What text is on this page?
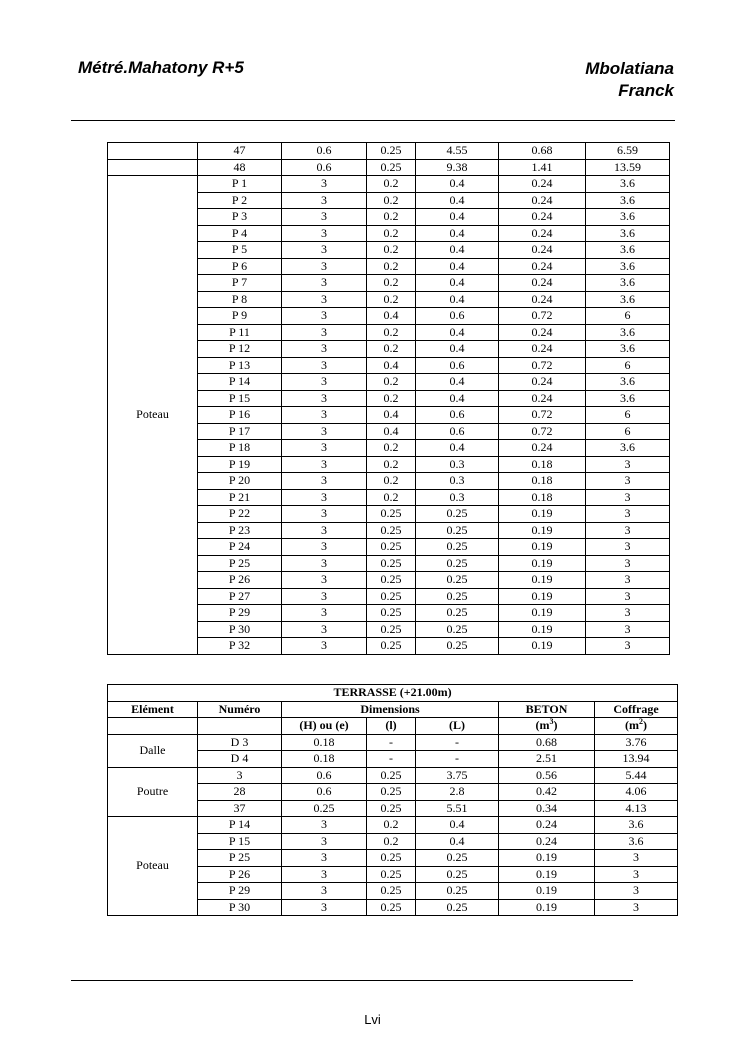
Métré.Mahatony R+5	Mbolatiana
Franck
	47	0.6	0.25	4.55	0.68	6.59
	48	0.6	0.25	9.38	1.41	13.59
Poteau	P 1	3	0.2	0.4	0.24	3.6
	P 2	3	0.2	0.4	0.24	3.6
	P 3	3	0.2	0.4	0.24	3.6
	P 4	3	0.2	0.4	0.24	3.6
	P 5	3	0.2	0.4	0.24	3.6
	P 6	3	0.2	0.4	0.24	3.6
	P 7	3	0.2	0.4	0.24	3.6
	P 8	3	0.2	0.4	0.24	3.6
	P 9	3	0.4	0.6	0.72	6
	P 11	3	0.2	0.4	0.24	3.6
	P 12	3	0.2	0.4	0.24	3.6
	P 13	3	0.4	0.6	0.72	6
	P 14	3	0.2	0.4	0.24	3.6
	P 15	3	0.2	0.4	0.24	3.6
	P 16	3	0.4	0.6	0.72	6
	P 17	3	0.4	0.6	0.72	6
	P 18	3	0.2	0.4	0.24	3.6
	P 19	3	0.2	0.3	0.18	3
	P 20	3	0.2	0.3	0.18	3
	P 21	3	0.2	0.3	0.18	3
	P 22	3	0.25	0.25	0.19	3
	P 23	3	0.25	0.25	0.19	3
	P 24	3	0.25	0.25	0.19	3
	P 25	3	0.25	0.25	0.19	3
	P 26	3	0.25	0.25	0.19	3
	P 27	3	0.25	0.25	0.19	3
	P 29	3	0.25	0.25	0.19	3
	P 30	3	0.25	0.25	0.19	3
	P 32	3	0.25	0.25	0.19	3
TERRASSE (+21.00m)						
Elément	Numéro	Dimensions			BETON	Coffrage
		(H) ou (e)	(l)	(L)	$(m^3)$	$(m^2)$
Dalle	D 3	0.18	-	-	0.68	3.76
	D 4	0.18	-	-	2.51	13.94
Poutre	3	0.6	0.25	3.75	0.56	5.44
	28	0.6	0.25	2.8	0.42	4.06
	37	0.25	0.25	5.51	0.34	4.13
Poteau	P 14	3	0.2	0.4	0.24	3.6
	P 15	3	0.2	0.4	0.24	3.6
	P 25	3	0.25	0.25	0.19	3
	P 26	3	0.25	0.25	0.19	3
	P 29	3	0.25	0.25	0.19	3
	P 30	3	0.25	0.25	0.19	3
Lvi
